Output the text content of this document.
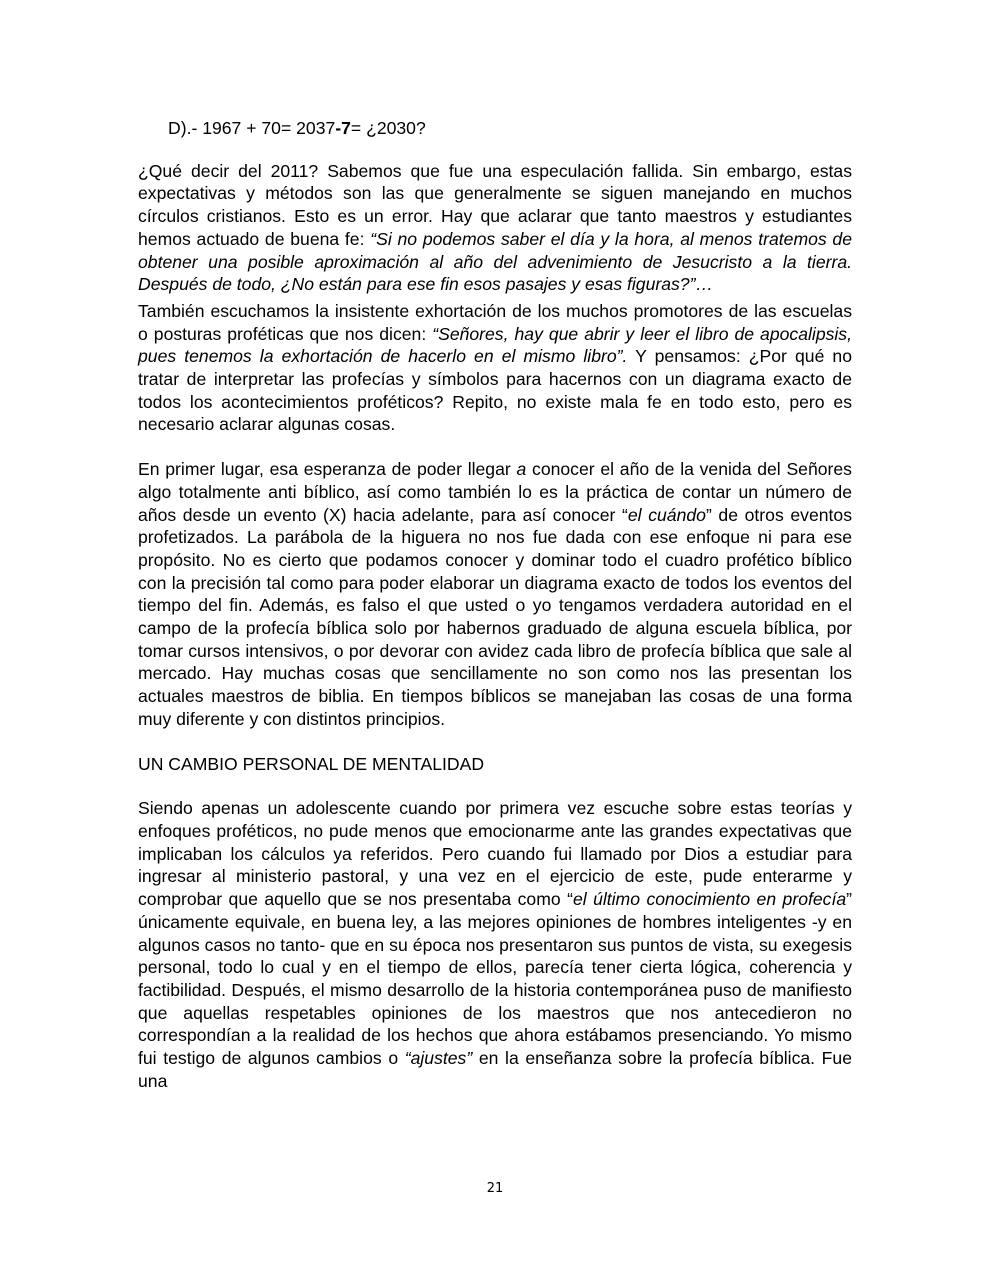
D).- 1967 + 70= 2037-7= ¿2030?

¿Qué decir del 2011? Sabemos que fue una especulación fallida. Sin embargo, estas expectativas y métodos son las que generalmente se siguen manejando en muchos círculos cristianos. Esto es un error. Hay que aclarar que tanto maestros y estudiantes hemos actuado de buena fe: “Si no podemos saber el día y la hora, al menos tratemos de obtener una posible aproximación al año del advenimiento de Jesucristo a la tierra. Después de todo, ¿No están para ese fin esos pasajes y esas figuras?”…

También escuchamos la insistente exhortación de los muchos promotores de las escuelas o posturas proféticas que nos dicen: “Señores, hay que abrir y leer el libro de apocalipsis, pues tenemos la exhortación de hacerlo en el mismo libro”. Y pensamos: ¿Por qué no tratar de interpretar las profecías y símbolos para hacernos con un diagrama exacto de todos los acontecimientos proféticos? Repito, no existe mala fe en todo esto, pero es necesario aclarar algunas cosas.

En primer lugar, esa esperanza de poder llegar a conocer el año de la venida del Señores algo totalmente anti bíblico, así como también lo es la práctica de contar un número de años desde un evento (X) hacia adelante, para así conocer “el cuándo” de otros eventos profetizados. La parábola de la higuera no nos fue dada con ese enfoque ni para ese propósito. No es cierto que podamos conocer y dominar todo el cuadro profético bíblico con la precisión tal como para poder elaborar un diagrama exacto de todos los eventos del tiempo del fin. Además, es falso el que usted o yo tengamos verdadera autoridad en el campo de la profecía bíblica solo por habernos graduado de alguna escuela bíblica, por tomar cursos intensivos, o por devorar con avidez cada libro de profecía bíblica que sale al mercado. Hay muchas cosas que sencillamente no son como nos las presentan los actuales maestros de biblia. En tiempos bíblicos se manejaban las cosas de una forma muy diferente y con distintos principios.

UN CAMBIO PERSONAL DE MENTALIDAD

Siendo apenas un adolescente cuando por primera vez escuche sobre estas teorías y enfoques proféticos, no pude menos que emocionarme ante las grandes expectativas que implicaban los cálculos ya referidos. Pero cuando fui llamado por Dios a estudiar para ingresar al ministerio pastoral, y una vez en el ejercicio de este, pude enterarme y comprobar que aquello que se nos presentaba como “el último conocimiento en profecía” únicamente equivale, en buena ley, a las mejores opiniones de hombres inteligentes -y en algunos casos no tanto- que en su época nos presentaron sus puntos de vista, su exegesis personal, todo lo cual y en el tiempo de ellos, parecía tener cierta lógica, coherencia y factibilidad. Después, el mismo desarrollo de la historia contemporánea puso de manifiesto que aquellas respetables opiniones de los maestros que nos antecedieron no correspondían a la realidad de los hechos que ahora estábamos presenciando. Yo mismo fui testigo de algunos cambios o “ajustes” en la enseñanza sobre la profecía bíblica. Fue una

21
